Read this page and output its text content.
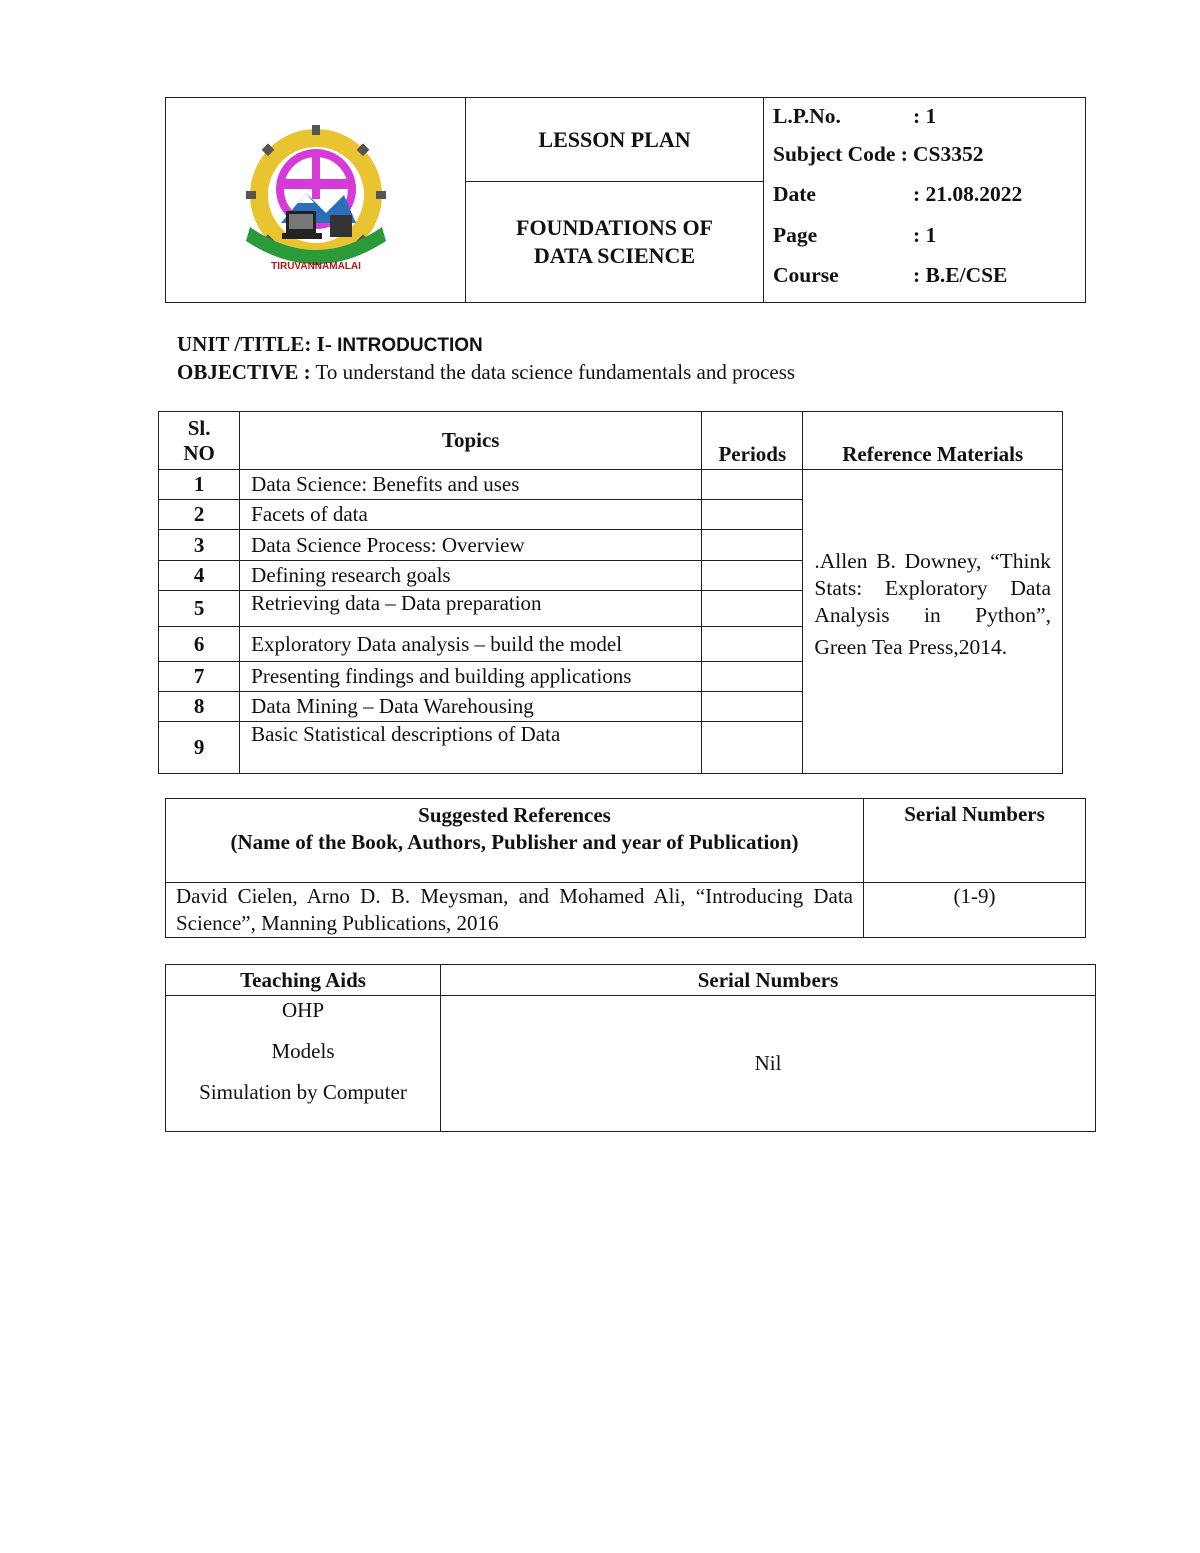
TIRUVANNAMALAI
	LESSON PLAN	
L.P.No.	: 1
Subject Code : CS3352
Date	: 21.08.2022
Page	: 1
Course	: B.E/CSE

FOUNDATIONS OF
DATA SCIENCE
UNIT /TITLE: I- INTRODUCTION
OBJECTIVE : To understand the data science fundamentals and process
Sl.
NO	Topics	Periods	Reference Materials
1	Data Science: Benefits and uses		.Allen B. Downey, “Think Stats: Exploratory Data Analysis in Python”,
Green Tea Press,2014.

2	Facets of data		
3	Data Science Process: Overview		
4	Defining research goals		
5	Retrieving data – Data preparation		
6	Exploratory Data analysis – build the model		
7	Presenting findings and building applications		
8	Data Mining – Data Warehousing		
9	Basic Statistical descriptions of Data		
Suggested References
(Name of the Book, Authors, Publisher and year of Publication)	Serial Numbers
David Cielen, Arno D. B. Meysman, and Mohamed Ali, “Introducing Data Science”, Manning Publications, 2016	(1-9)
Teaching Aids	Serial Numbers

OHP
Models
Simulation by Computer	Nil
